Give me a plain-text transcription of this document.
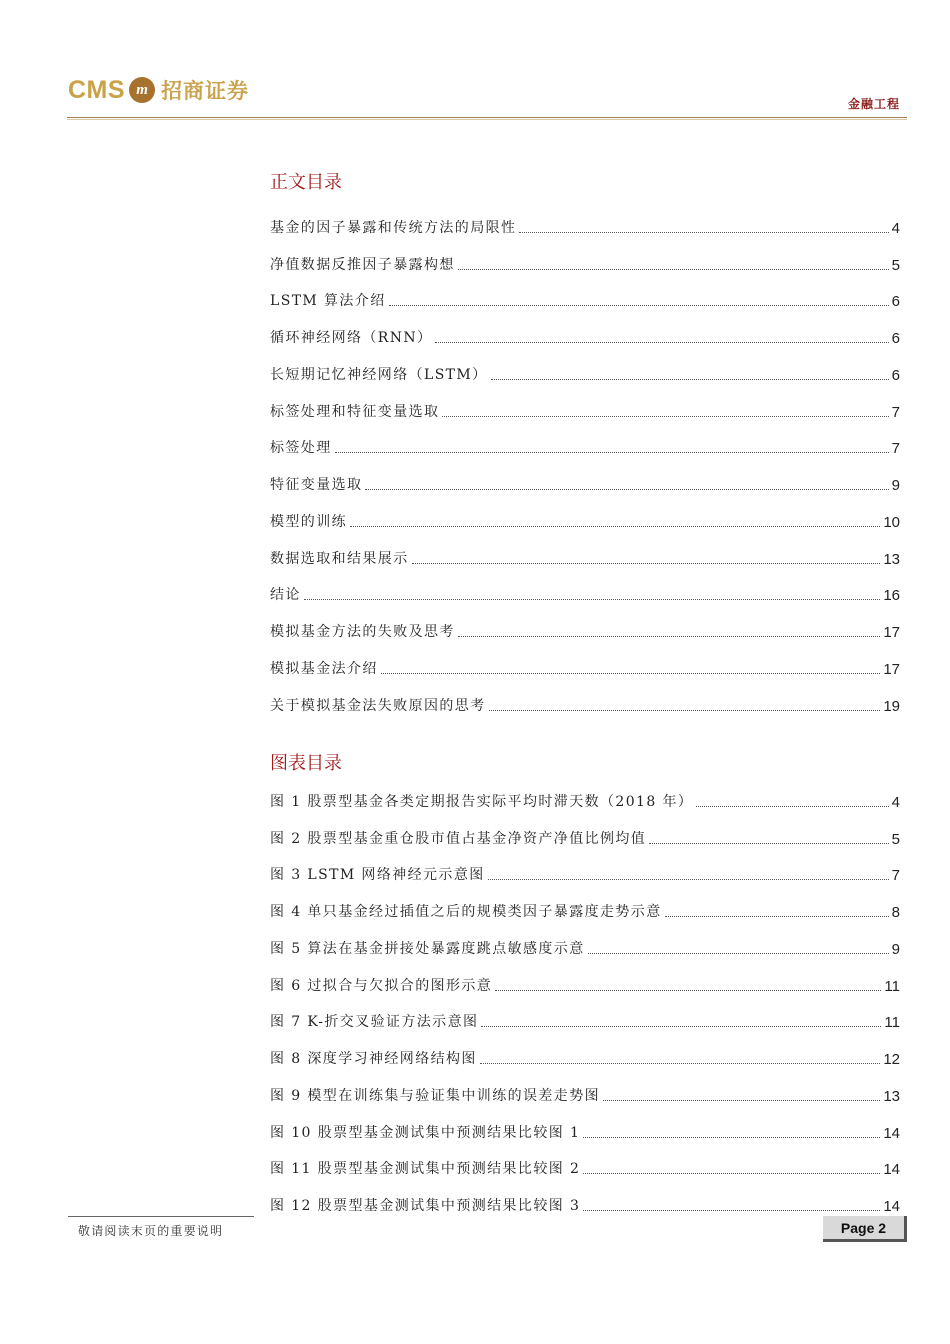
CMS m 招商证券
金融工程
正文目录
基金的因子暴露和传统方法的局限性	4
净值数据反推因子暴露构想	5
LSTM 算法介绍	6
循环神经网络（RNN）	6
长短期记忆神经网络（LSTM）	6
标签处理和特征变量选取	7
标签处理	7
特征变量选取	9
模型的训练	10
数据选取和结果展示	13
结论	16
模拟基金方法的失败及思考	17
模拟基金法介绍	17
关于模拟基金法失败原因的思考	19
图表目录
图 1 股票型基金各类定期报告实际平均时滞天数（2018 年）	4
图 2 股票型基金重仓股市值占基金净资产净值比例均值	5
图 3 LSTM 网络神经元示意图	7
图 4 单只基金经过插值之后的规模类因子暴露度走势示意	8
图 5 算法在基金拼接处暴露度跳点敏感度示意	9
图 6 过拟合与欠拟合的图形示意	11
图 7 K-折交叉验证方法示意图	11
图 8 深度学习神经网络结构图	12
图 9 模型在训练集与验证集中训练的误差走势图	13
图 10 股票型基金测试集中预测结果比较图 1	14
图 11 股票型基金测试集中预测结果比较图 2	14
图 12 股票型基金测试集中预测结果比较图 3	14
敬请阅读末页的重要说明	Page 2
